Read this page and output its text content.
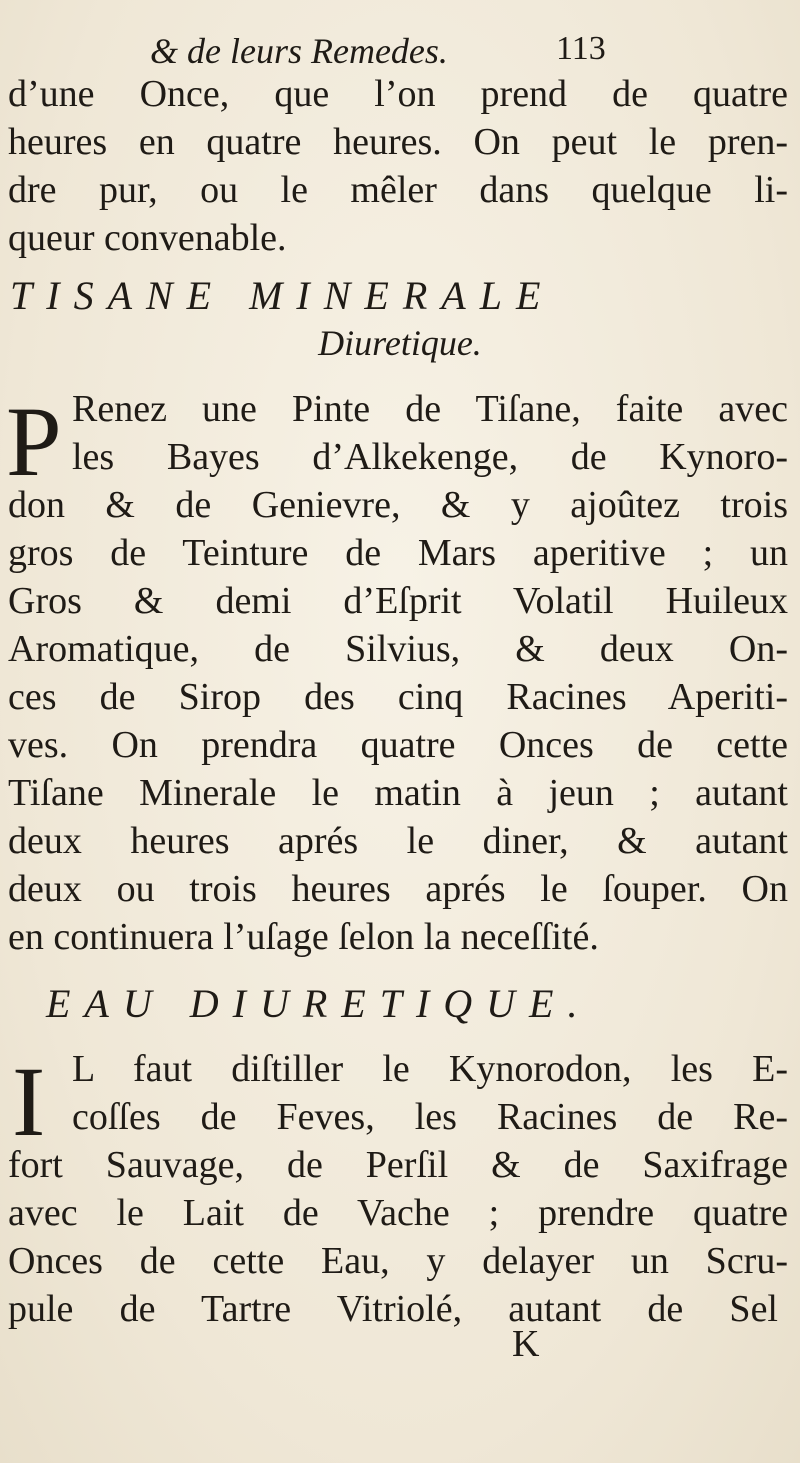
& de leurs Remedes.	113
d’une Once, que l’on prend de quatre
heures en quatre heures. On peut le pren-
dre pur, ou le mêler dans quelque li-
queur convenable.
TISANE MINERALE
Diuretique.
P Renez une Pinte de Tiſane, faite avec
les Bayes d’Alkekenge, de Kynoro-
don & de Genievre, & y ajoûtez trois
gros de Teinture de Mars aperitive ; un
Gros & demi d’Eſprit Volatil Huileux
Aromatique, de Silvius, & deux On-
ces de Sirop des cinq Racines Aperiti-
ves. On prendra quatre Onces de cette
Tiſane Minerale le matin à jeun ; autant
deux heures aprés le diner, & autant
deux ou trois heures aprés le ſouper. On
en continuera l’uſage ſelon la neceſſité.
EAU DIURETIQUE.
I L faut diſtiller le Kynorodon, les E-
coſſes de Feves, les Racines de Re-
fort Sauvage, de Perſil & de Saxifrage
avec le Lait de Vache ; prendre quatre
Onces de cette Eau, y delayer un Scru-
pule de Tartre Vitriolé, autant de Sel
K
